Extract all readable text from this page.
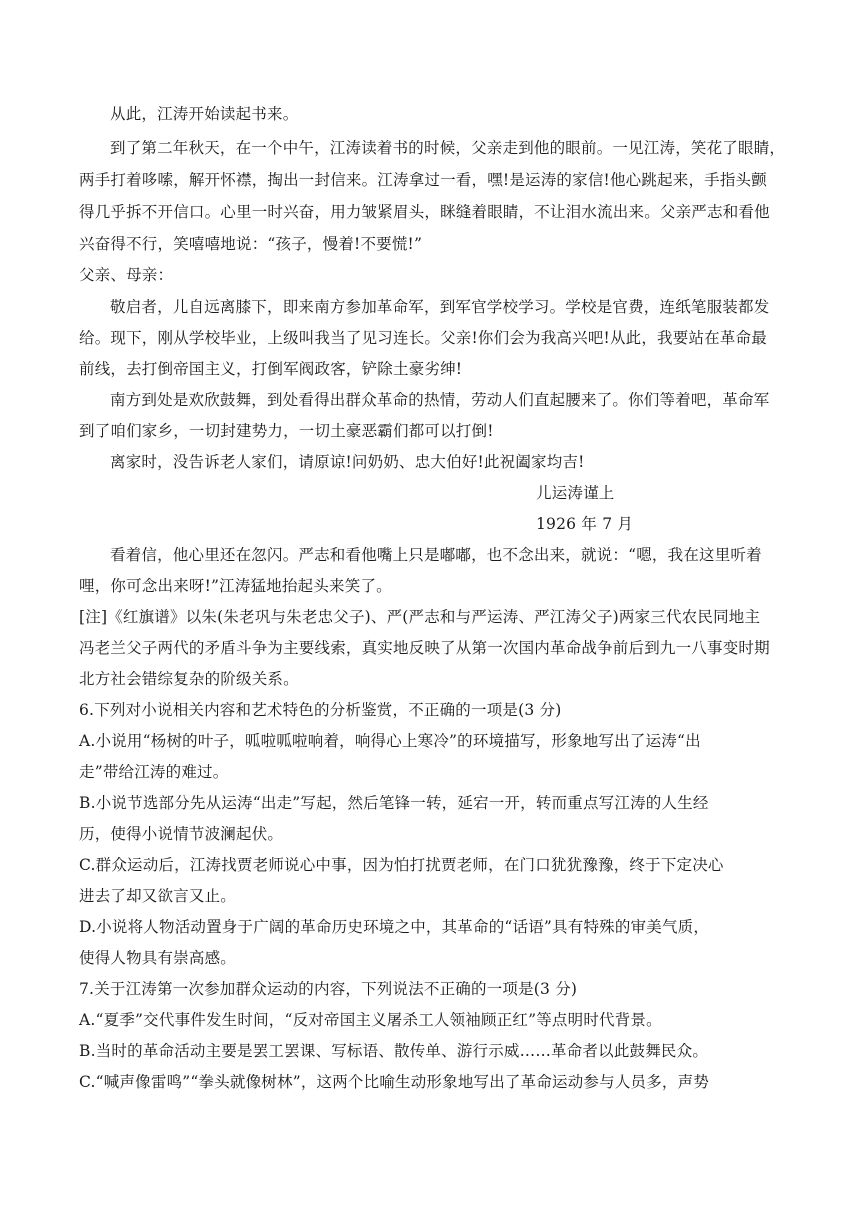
从此，江涛开始读起书来。
到了第二年秋天，在一个中午，江涛读着书的时候，父亲走到他的眼前。一见江涛，笑花了眼睛，
两手打着哆嗦，解开怀襟，掏出一封信来。江涛拿过一看，嘿!是运涛的家信!他心跳起来，手指头颤
得几乎拆不开信口。心里一时兴奋，用力皱紧眉头，眯缝着眼睛，不让泪水流出来。父亲严志和看他
兴奋得不行，笑嘻嘻地说：“孩子，慢着!不要慌!”
父亲、母亲：
敬启者，儿自远离膝下，即来南方参加革命军，到军官学校学习。学校是官费，连纸笔服装都发
给。现下，刚从学校毕业，上级叫我当了见习连长。父亲!你们会为我高兴吧!从此，我要站在革命最
前线，去打倒帝国主义，打倒军阀政客，铲除土豪劣绅!
南方到处是欢欣鼓舞，到处看得出群众革命的热情，劳动人们直起腰来了。你们等着吧，革命军
到了咱们家乡，一切封建势力，一切土豪恶霸们都可以打倒!
离家时，没告诉老人家们，请原谅!问奶奶、忠大伯好!此祝阖家均吉!
儿运涛谨上
1926 年 7 月
看着信，他心里还在忽闪。严志和看他嘴上只是嘟嘟，也不念出来，就说：“嗯，我在这里听着
哩，你可念出来呀!”江涛猛地抬起头来笑了。
[注]《红旗谱》以朱(朱老巩与朱老忠父子)、严(严志和与严运涛、严江涛父子)两家三代农民同地主
冯老兰父子两代的矛盾斗争为主要线索，真实地反映了从第一次国内革命战争前后到九一八事变时期
北方社会错综复杂的阶级关系。
6.下列对小说相关内容和艺术特色的分析鉴赏，不正确的一项是(3 分)
A.小说用“杨树的叶子，呱啦呱啦响着，响得心上寒冷”的环境描写，形象地写出了运涛“出
走”带给江涛的难过。
B.小说节选部分先从运涛“出走”写起，然后笔锋一转，延宕一开，转而重点写江涛的人生经
历，使得小说情节波澜起伏。
C.群众运动后，江涛找贾老师说心中事，因为怕打扰贾老师，在门口犹犹豫豫，终于下定决心
进去了却又欲言又止。
D.小说将人物活动置身于广阔的革命历史环境之中，其革命的“话语”具有特殊的审美气质，
使得人物具有崇高感。
7.关于江涛第一次参加群众运动的内容，下列说法不正确的一项是(3 分)
A.“夏季”交代事件发生时间，“反对帝国主义屠杀工人领袖顾正红”等点明时代背景。
B.当时的革命活动主要是罢工罢课、写标语、散传单、游行示威……革命者以此鼓舞民众。
C.“喊声像雷鸣”“拳头就像树林”，这两个比喻生动形象地写出了革命运动参与人员多，声势
